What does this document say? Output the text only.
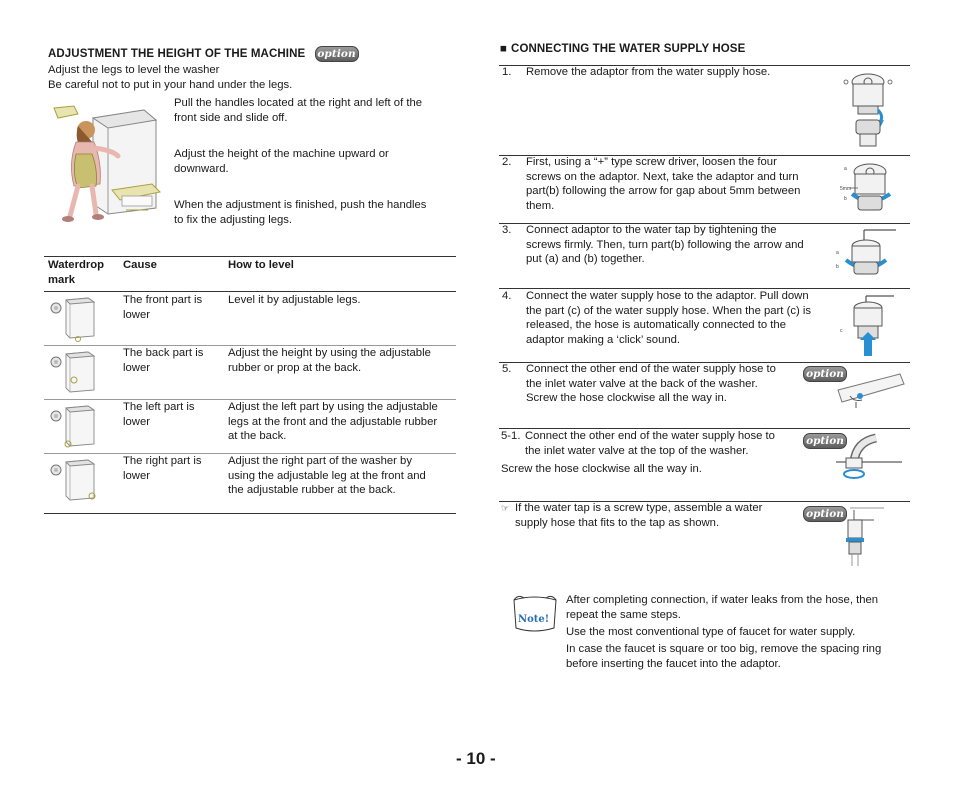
ADJUSTMENT THE HEIGHT OF THE MACHINE option
Adjust the legs to level the washer
Be careful not to put in your hand under the legs.
Pull the handles located at the right and left of the
front side and slide off.
Adjust the height of the machine upward or
downward.
When the adjustment is finished, push the handles
to fix the adjusting legs.
Waterdrop
mark
Cause	How to level
The front part is
lower
Level it by adjustable legs.
The back part is
lower
Adjust the height by using the adjustable
rubber or prop at the back.
The left part is
lower
Adjust the left part by using the adjustable
legs at the front and the adjustable rubber
at the back.
The right part is
lower
Adjust the right part of the washer by
using the adjustable leg at the front and
the adjustable rubber at the back.
■ CONNECTING THE WATER SUPPLY HOSE
1. Remove the adaptor from the water supply hose.
2. First, using a “+” type screw driver, loosen the four
screws on the adaptor. Next, take the adaptor and turn
part(b) following the arrow for gap about 5mm between
them.
a
5mm
b
3. Connect adaptor to the water tap by tightening the
screws firmly. Then, turn part(b) following the arrow and
put (a) and (b) together.	a
b
4. Connect the water supply hose to the adaptor. Pull down
the part (c) of the water supply hose. When the part (c) is
released, the hose is automatically connected to the
adaptor making a ‘click’ sound.
c
5. Connect the other end of the water supply hose to
the inlet water valve at the back of the washer.
Screw the hose clockwise all the way in.
option
5-1. Connect the other end of the water supply hose to
the inlet water valve at the top of the washer.
Screw the hose clockwise all the way in.
option
☞ If the water tap is a screw type, assemble a water
supply hose that fits to the tap as shown.
option
Note!
After completing connection, if water leaks from the hose, then
repeat the same steps.
Use the most conventional type of faucet for water supply.
In case the faucet is square or too big, remove the spacing ring
before inserting the faucet into the adaptor.
- 10 -
